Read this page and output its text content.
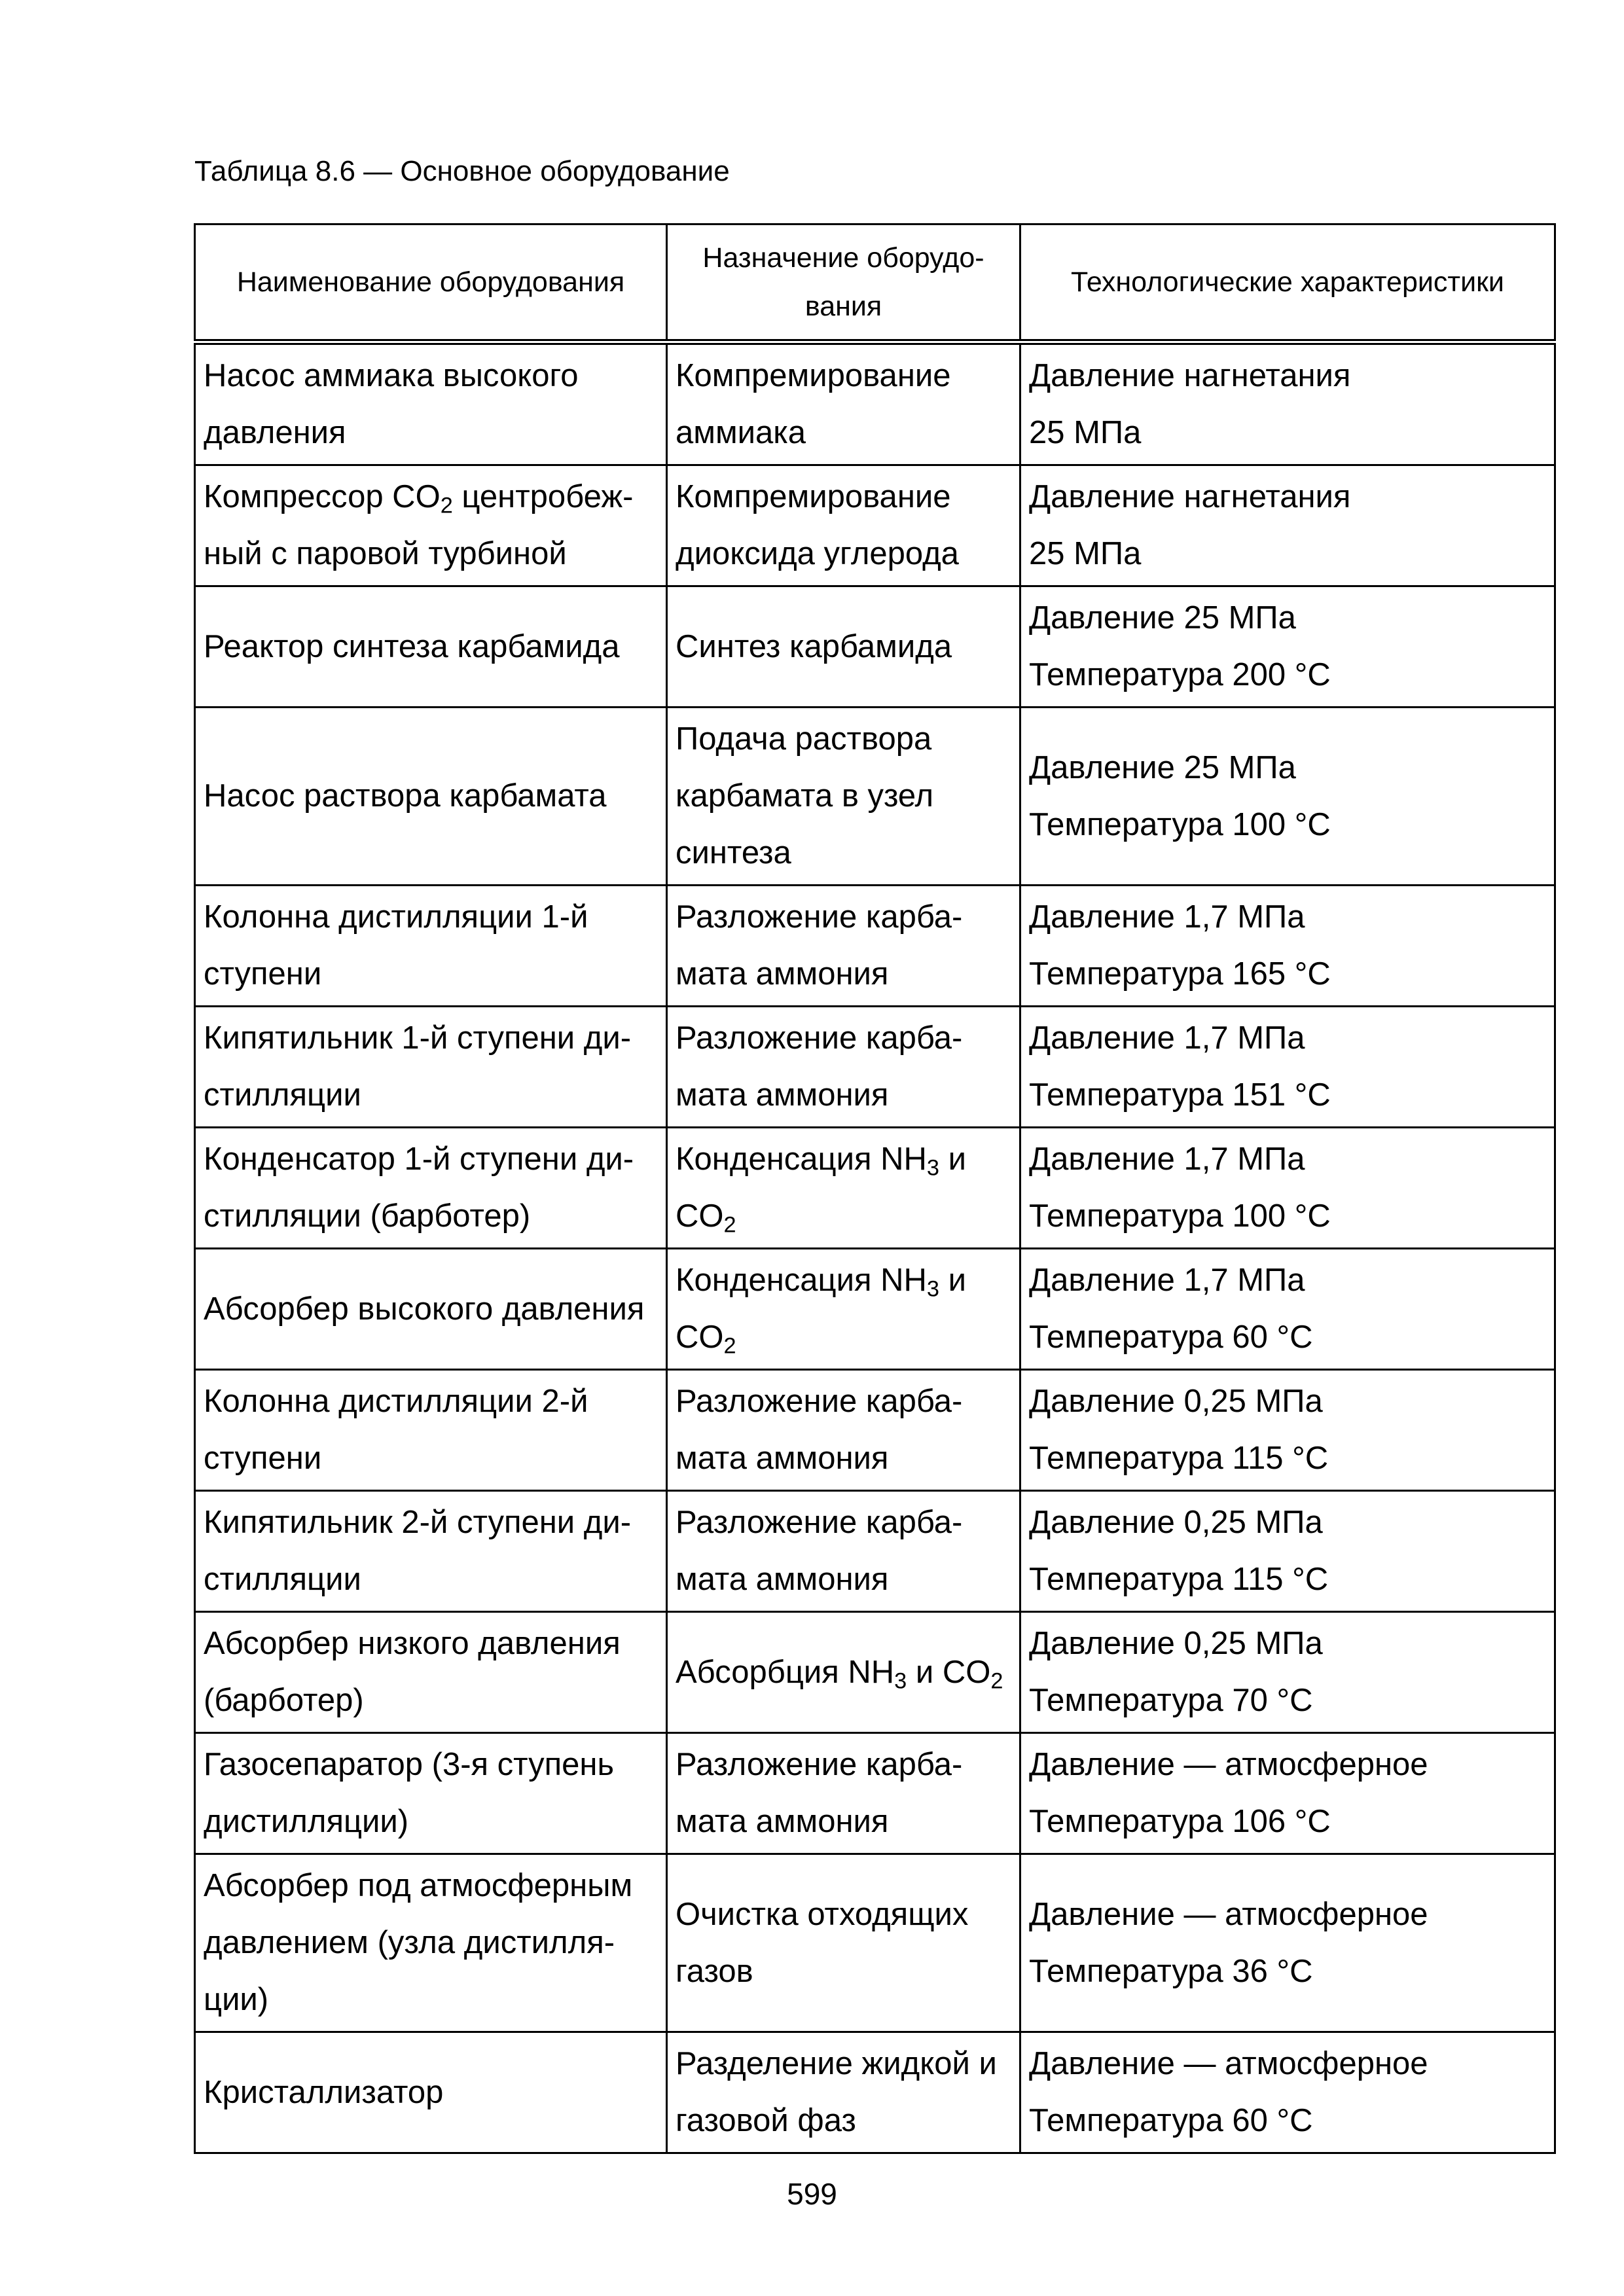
Таблица 8.6 — Основное оборудование
Наименование оборудования	Назначение оборудо-
вания	Технологические характеристики

Насос аммиака высокого
давления	Компремирование
аммиака	Давление нагнетания
25 МПа

Компрессор $CO_2$ центробеж-
ный с паровой турбиной	Компремирование
диоксида углерода	Давление нагнетания
25 МПа

Реактор синтеза карбамида	Синтез карбамида	Давление 25 МПа
Температура 200 °С

Насос раствора карбамата	Подача раствора
карбамата в узел
синтеза	Давление 25 МПа
Температура 100 °С

Колонна дистилляции 1-й
ступени	Разложение карба-
мата аммония	Давление 1,7 МПа
Температура 165 °С

Кипятильник 1-й ступени ди-
стилляции	Разложение карба-
мата аммония	Давление 1,7 МПа
Температура 151 °С

Конденсатор 1-й ступени ди-
стилляции (барботер)	Конденсация $NH_3$ и
$CO_2$	Давление 1,7 МПа
Температура 100 °С

Абсорбер высокого давления	Конденсация $NH_3$ и
$CO_2$	Давление 1,7 МПа
Температура 60 °С

Колонна дистилляции 2-й
ступени	Разложение карба-
мата аммония	Давление 0,25 МПа
Температура 115 °С

Кипятильник 2-й ступени ди-
стилляции	Разложение карба-
мата аммония	Давление 0,25 МПа
Температура 115 °С

Абсорбер низкого давления
(барботер)	Абсорбция $NH_3$ и $CO_2$	Давление 0,25 МПа
Температура 70 °С

Газосепаратор (3-я ступень
дистилляции)	Разложение карба-
мата аммония	Давление — атмосферное
Температура 106 °С

Абсорбер под атмосферным
давлением (узла дистилля-
ции)	Очистка отходящих
газов	Давление — атмосферное
Температура 36 °С

Кристаллизатор	Разделение жидкой и
газовой фаз	Давление — атмосферное
Температура 60 °С
599
